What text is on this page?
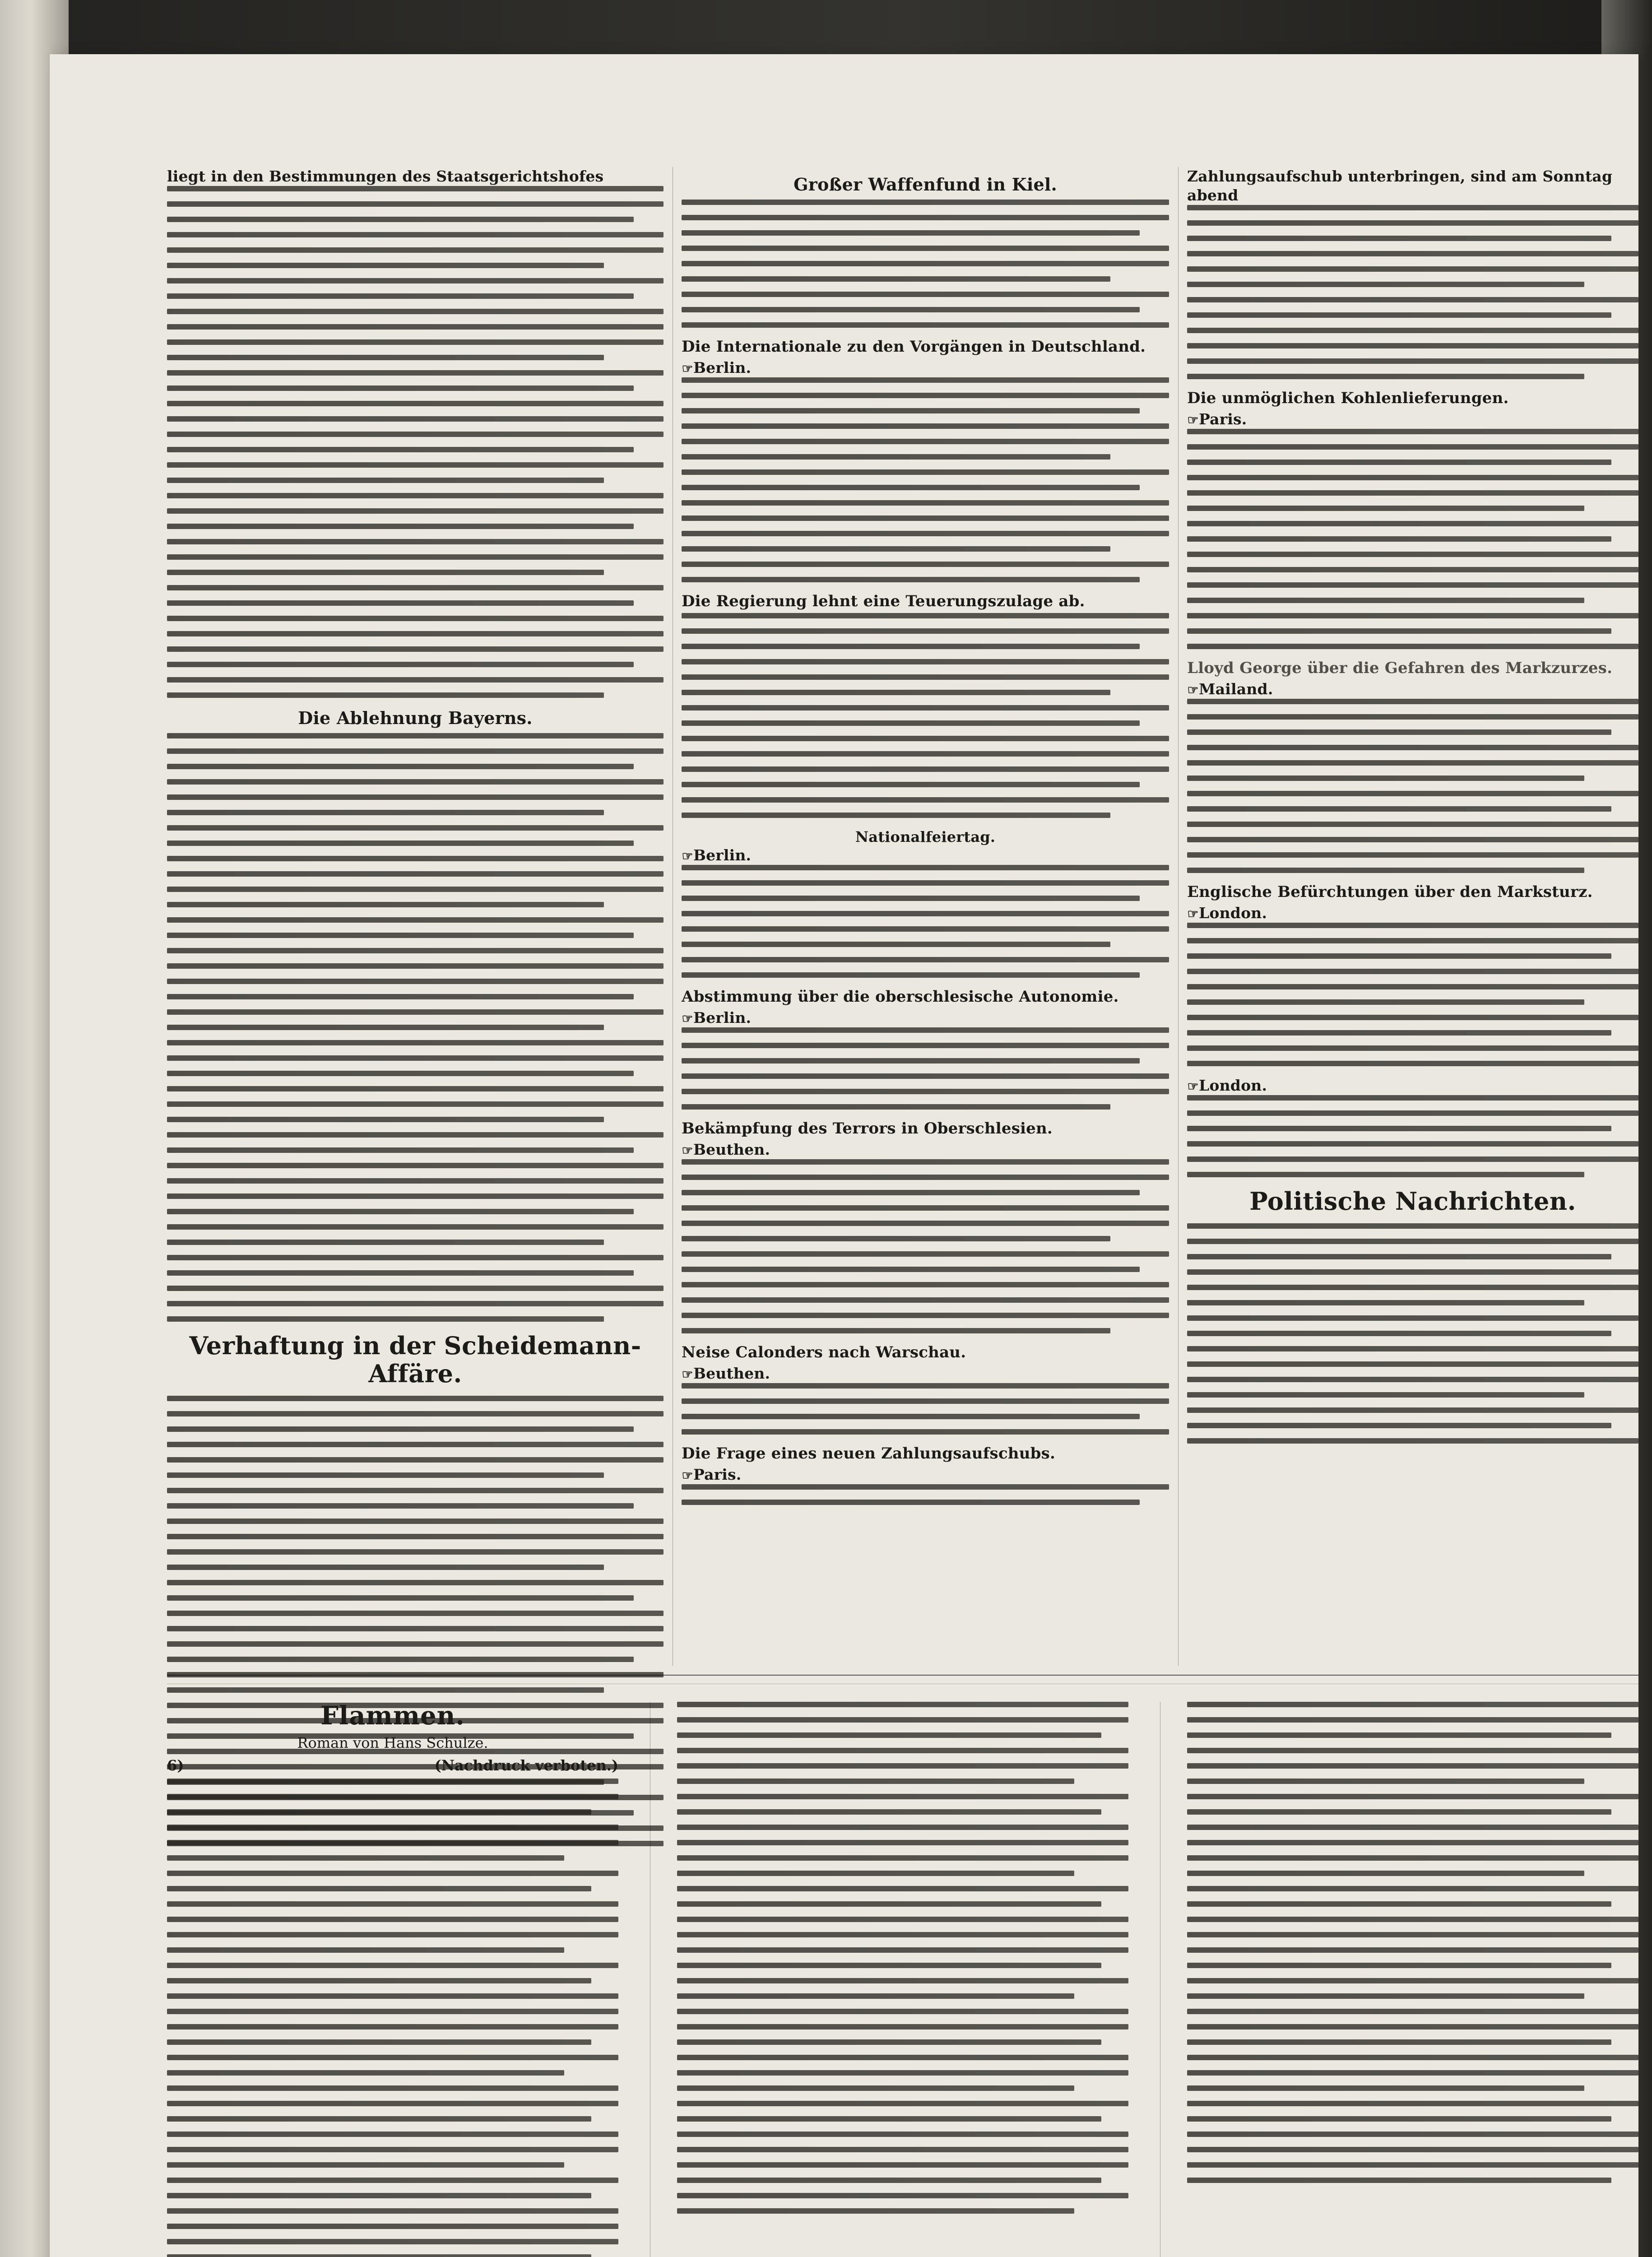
liegt in den Bestimmungen des Staatsgerichtshofes
Die Ablehnung Bayerns.
Verhaftung in der Scheidemann-Affäre.
Großer Waffenfund in Kiel.
Die Internationale zu den Vorgängen in Deutschland.
☞Berlin.
Die Regierung lehnt eine Teuerungszulage ab.
Nationalfeiertag.
☞Berlin.
Abstimmung über die oberschlesische Autonomie.
☞Berlin.
Bekämpfung des Terrors in Oberschlesien.
☞Beuthen.
Neise Calonders nach Warschau.
☞Beuthen.
Die Frage eines neuen Zahlungsaufschubs.
☞Paris.
Zahlungsaufschub unterbringen, sind am Sonntag abend
Die unmöglichen Kohlenlieferungen.
☞Paris.
Lloyd George über die Gefahren des Markzurzes.
☞Mailand.
Englische Befürchtungen über den Marksturz.
☞London.
☞London.
Politische Nachrichten.
Flammen.
Roman von Hans Schulze.
6)	(Nachdruck verboten.)
